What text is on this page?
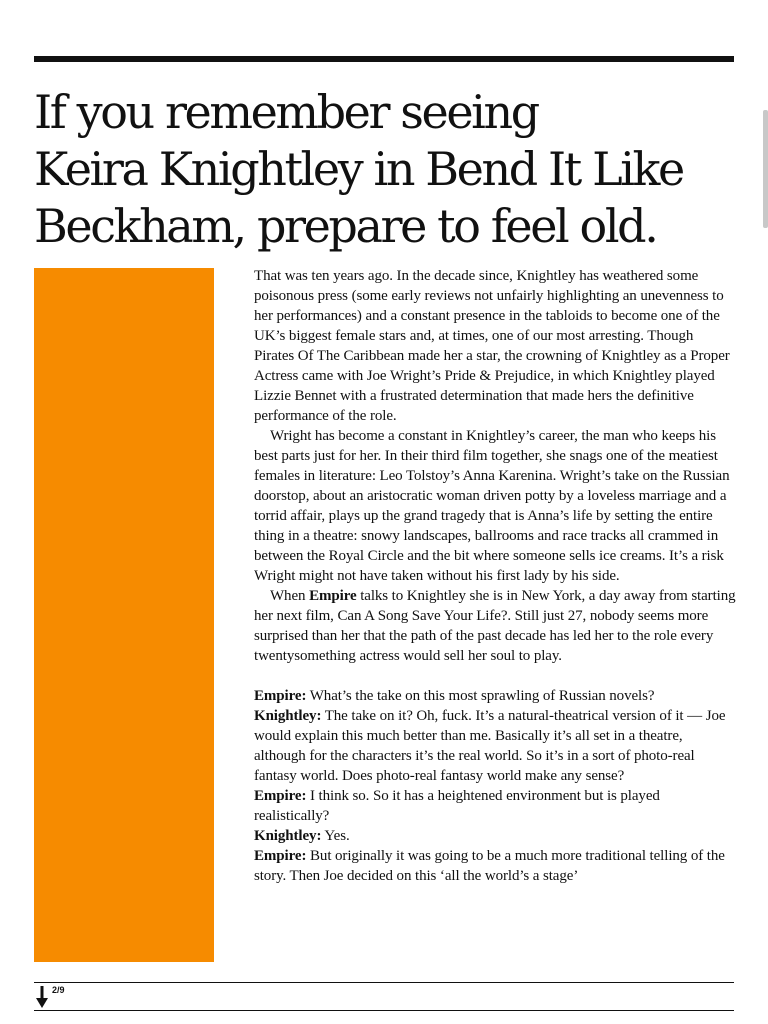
If you remember seeing
Keira Knightley in Bend It Like
Beckham, prepare to feel old.

That was ten years ago. In the decade since, Knightley has weathered some poisonous press (some early reviews not unfairly highlighting an unevenness to her performances) and a constant presence in the tabloids to become one of the UK’s biggest female stars and, at times, one of our most arresting. Though Pirates Of The Caribbean made her a star, the crowning of Knightley as a Proper Actress came with Joe Wright’s Pride & Prejudice, in which Knightley played Lizzie Bennet with a frustrated determination that made hers the definitive performance of the role.

Wright has become a constant in Knightley’s career, the man who keeps his best parts just for her. In their third film together, she snags one of the meatiest females in literature: Leo Tolstoy’s Anna Karenina. Wright’s take on the Russian doorstop, about an aristocratic woman driven potty by a loveless marriage and a torrid affair, plays up the grand tragedy that is Anna’s life by setting the entire thing in a theatre: snowy landscapes, ballrooms and race tracks all crammed in between the Royal Circle and the bit where someone sells ice creams. It’s a risk Wright might not have taken without his first lady by his side.

When Empire talks to Knightley she is in New York, a day away from starting her next film, Can A Song Save Your Life?. Still just 27, nobody seems more surprised than her that the path of the past decade has led her to the role every twentysomething actress would sell her soul to play.

Empire: What’s the take on this most sprawling of Russian novels?

Knightley: The take on it? Oh, fuck. It’s a natural-theatrical version of it — Joe would explain this much better than me. Basically it’s all set in a theatre, although for the characters it’s the real world. So it’s in a sort of photo-real fantasy world. Does photo-real fantasy world make any sense?

Empire: I think so. So it has a heightened environment but is played realistically?

Knightley: Yes.

Empire: But originally it was going to be a much more traditional telling of the story. Then Joe decided on this ‘all the world’s a stage’

2/9
